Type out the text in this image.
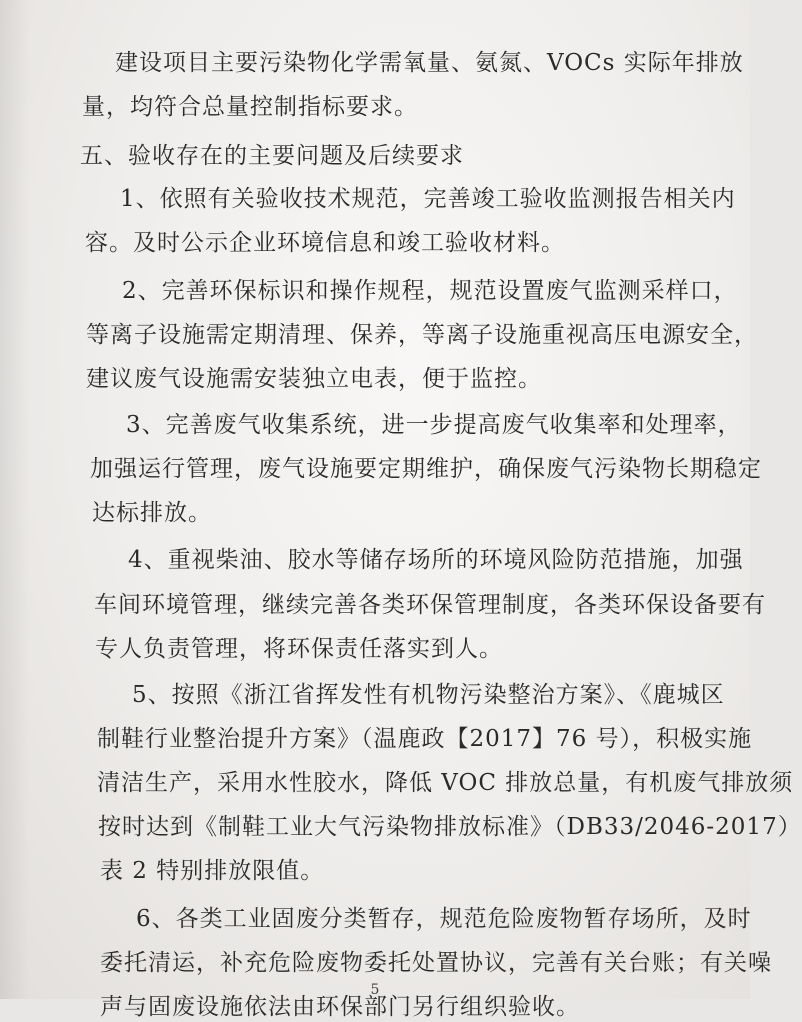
建设项目主要污染物化学需氧量、氨氮、VOCs 实际年排放
量，均符合总量控制指标要求。
五、验收存在的主要问题及后续要求
1、依照有关验收技术规范，完善竣工验收监测报告相关内
容。及时公示企业环境信息和竣工验收材料。
2、完善环保标识和操作规程，规范设置废气监测采样口，
等离子设施需定期清理、保养，等离子设施重视高压电源安全，
建议废气设施需安装独立电表，便于监控。
3、完善废气收集系统，进一步提高废气收集率和处理率，
加强运行管理，废气设施要定期维护，确保废气污染物长期稳定
达标排放。
4、重视柴油、胶水等储存场所的环境风险防范措施，加强
车间环境管理，继续完善各类环保管理制度，各类环保设备要有
专人负责管理，将环保责任落实到人。
5、按照《浙江省挥发性有机物污染整治方案》、《鹿城区
制鞋行业整治提升方案》（温鹿政【2017】76 号），积极实施
清洁生产，采用水性胶水，降低 VOC 排放总量，有机废气排放须
按时达到《制鞋工业大气污染物排放标准》（DB33/2046-2017）
表 2 特别排放限值。
6、各类工业固废分类暂存，规范危险废物暂存场所，及时
委托清运，补充危险废物委托处置协议，完善有关台账；有关噪
声与固废设施依法由环保部门另行组织验收。
5
